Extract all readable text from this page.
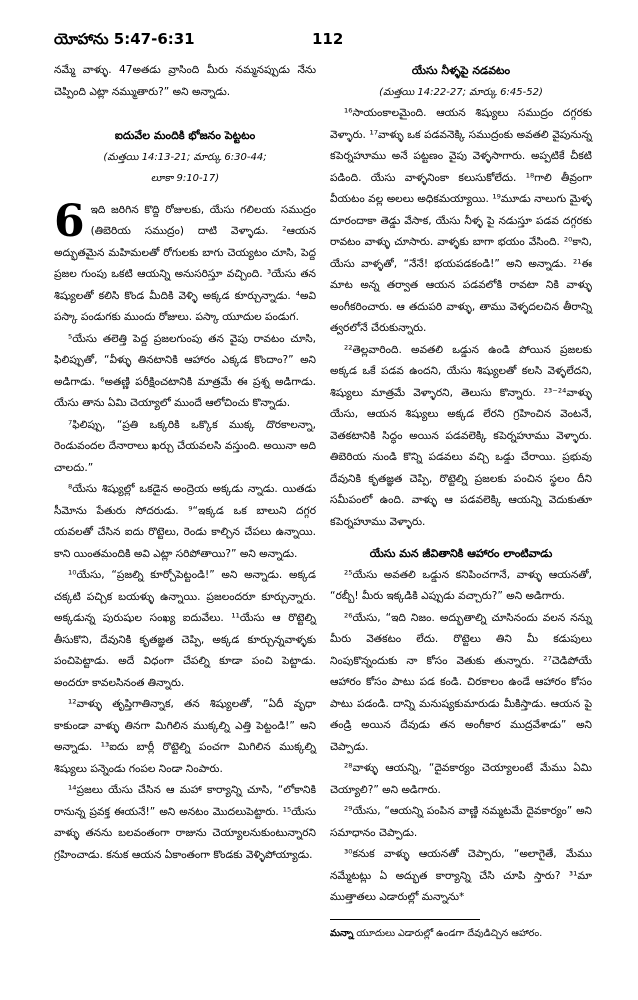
యోహాను 5:47-6:31	112

నమ్మే వాళ్ళు. 47అతడు వ్రాసింది మీరు నమ్మనప్పుడు నేను చెప్పింది ఎట్లా నమ్ముతారు?” అని అన్నాడు.

ఐదువేల మందికి భోజనం పెట్టటం

(మత్తయి 14:13-21; మార్కు 6:30-44;

లూకా 9:10-17)

6 ఇది జరిగిన కొద్ది రోజులకు, యేసు గలిలయ సముద్రం (తిబెరియ సముద్రం) దాటి వెళ్ళాడు. ²ఆయన అద్భుతమైన మహిమలతో రోగులకు బాగు చెయ్యటం చూసి, పెద్ద ప్రజల గుంపు ఒకటి ఆయన్ని అనుసరిస్తూ వచ్చింది. ³యేసు తన శిష్యులతో కలిసి కొండ మీదికి వెళ్ళి అక్కడ కూర్చున్నాడు. ⁴అవి పస్కా పండుగకు ముందు రోజులు. పస్కా యూదుల పండుగ.

⁵యేసు తలెత్తి పెద్ద ప్రజలగుంపు తన వైపు రావటం చూసి, ఫిలిప్పుతో, “వీళ్ళు తినటానికి ఆహారం ఎక్కడ కొందాం?” అని అడిగాడు. ⁶అతణ్ణి పరీక్షించటానికి మాత్రమే ఈ ప్రశ్న అడిగాడు. యేసు తాను ఏమి చెయ్యాలో ముందే ఆలోచించు కొన్నాడు.

⁷ఫిలిప్పు, “ప్రతి ఒక్కరికి ఒక్కొక ముక్క దొరకాలన్నా, రెండువందల దేనారాలు ఖర్చు చేయవలసి వస్తుంది. అయినా అది చాలదు.”

⁸యేసు శిష్యుల్లో ఒకడైన అంద్రెయ అక్కడు న్నాడు. యితడు సీమోను పేతురు సోదరుడు. ⁹“ఇక్కడ ఒక బాలుని దగ్గర యవలతో చేసిన ఐదు రొట్టెలు, రెండు కాల్చిన చేపలు ఉన్నాయి. కాని యింతమందికి అవి ఎట్లా సరిపోతాయి?” అని అన్నాడు.

¹⁰యేసు, “ప్రజల్ని కూర్చోపెట్టండి!” అని అన్నాడు. అక్కడ చక్కటి పచ్చిక బయళ్ళు ఉన్నాయి. ప్రజలందరూ కూర్చున్నారు. అక్కడున్న పురుషుల సంఖ్య ఐదువేలు. ¹¹యేసు ఆ రొట్టెల్ని తీసుకొని, దేవునికి కృతజ్ఞత చెప్పి, అక్కడ కూర్చున్నవాళ్ళకు పంచిపెట్టాడు. అదే విధంగా చేపల్ని కూడా పంచి పెట్టాడు. అందరూ కావలసినంత తిన్నారు.

¹²వాళ్ళు తృప్తిగాతిన్నాక, తన శిష్యులతో, “ఏదీ వృధా కాకుండా వాళ్ళు తినగా మిగిలిన ముక్కల్ని ఎత్తి పెట్టండి!” అని అన్నాడు. ¹³ఐదు బార్లీ రొట్టెల్ని పంచగా మిగిలిన ముక్కల్ని శిష్యులు పన్నెండు గంపల నిండా నింపారు.

¹⁴ప్రజలు యేసు చేసిన ఆ మహా కార్యాన్ని చూసి, “లోకానికి రానున్న ప్రవక్త ఈయనే!” అని అనటం మొదలుపెట్టారు. ¹⁵యేసు వాళ్ళు తనను బలవంతంగా రాజును చెయ్యాలనుకుంటున్నారని గ్రహించాడు. కనుక ఆయన ఏకాంతంగా కొండకు వెళ్ళిపోయ్యాడు.

యేసు నీళ్ళపై నడవటం

(మత్తయి 14:22-27; మార్కు 6:45-52)

¹⁶సాయంకాలమైంది. ఆయన శిష్యులు సముద్రం దగ్గరకు వెళ్ళారు. ¹⁷వాళ్ళు ఒక పడవనెక్కి సముద్రంకు అవతలి వైపునున్న కపెర్నహూము అనే పట్టణం వైపు వెళ్ళసాగారు. అప్పటికే చీకటి పడింది. యేసు వాళ్ళనింకా కలుసుకోలేదు. ¹⁸గాలి తీవ్రంగా వీయటం వల్ల అలలు అధికమయ్యాయి. ¹⁹మూడు నాలుగు మైళ్ళ దూరందాకా తెడ్డు వేసాక, యేసు నీళ్ళ పై నడుస్తూ పడవ దగ్గరకు రావటం వాళ్ళు చూసారు. వాళ్ళకు బాగా భయం వేసింది. ²⁰కాని, యేసు వాళ్ళతో, “నేనే! భయపడకండి!” అని అన్నాడు. ²¹ఈ మాట అన్న తర్వాత ఆయన పడవలోకి రావటా నికి వాళ్ళు అంగీకరించారు. ఆ తదుపరి వాళ్ళు, తాము వెళ్ళదలచిన తీరాన్ని త్వరలోనే చేరుకున్నారు.

²²తెల్లవారింది. అవతలి ఒడ్డున ఉండి పోయిన ప్రజలకు అక్కడ ఒకే పడవ ఉందని, యేసు శిష్యులతో కలసి వెళ్ళలేదని, శిష్యులు మాత్రమే వెళ్ళారని, తెలుసు కొన్నారు. ²³⁻²⁴వాళ్ళు యేసు, ఆయన శిష్యులు అక్కడ లేరని గ్రహించిన వెంటనే, వెతకటానికి సిద్ధం అయిన పడవలెక్కి కపెర్నహూము వెళ్ళారు. తిబెరియ నుండి కొన్ని పడవలు వచ్చి ఒడ్డు చేరాయి. ప్రభువు దేవునికి కృతజ్ఞత చెప్పి, రొట్టెల్ని ప్రజలకు పంచిన స్థలం దీని సమీపంలో ఉంది. వాళ్ళు ఆ పడవలెక్కి ఆయన్ని వెదుకుతూ కపెర్నహూము వెళ్ళారు.

యేసు మన జీవితానికి ఆహారం లాంటివాడు

²⁵యేసు అవతలి ఒడ్డున కనిపించగానే, వాళ్ళు ఆయనతో, “రబ్బీ! మీరు ఇక్కడికి ఎప్పుడు వచ్చారు?” అని అడిగారు.

²⁶యేసు, “ఇది నిజం. అద్భుతాల్ని చూసినందు వలన నన్ను మీరు వెతకటం లేదు. రొట్టెలు తిని మీ కడుపులు నింపుకొన్నందుకు నా కోసం వెతుకు తున్నారు. ²⁷చెడిపోయే ఆహారం కోసం పాటు పడ కండి. చిరకాలం ఉండే ఆహారం కోసం పాటు పడండి. దాన్ని మనుష్యకుమారుడు మీకిస్తాడు. ఆయన పై తండ్రి అయిన దేవుడు తన అంగీకార ముద్రవేశాడు” అని చెప్పాడు.

²⁸వాళ్ళు ఆయన్ని, “దైవకార్యం చెయ్యాలంటే మేము ఏమి చెయ్యాలి?” అని అడిగారు.

²⁹యేసు, “ఆయన్ని పంపిన వాణ్ణి నమ్మటమే దైవకార్యం” అని సమాధానం చెప్పాడు.

³⁰కనుక వాళ్ళు ఆయనతో చెప్పారు, “అలాగైతే, మేము నమ్మేటట్లు ఏ అద్భుత కార్యాన్ని చేసి చూపి స్తారు? ³¹మా ముత్తాతలు ఎడారుల్లో మన్నాను*

మన్నా యూదులు ఎడారుల్లో ఉండగా దేవుడిచ్చిన ఆహారం.
